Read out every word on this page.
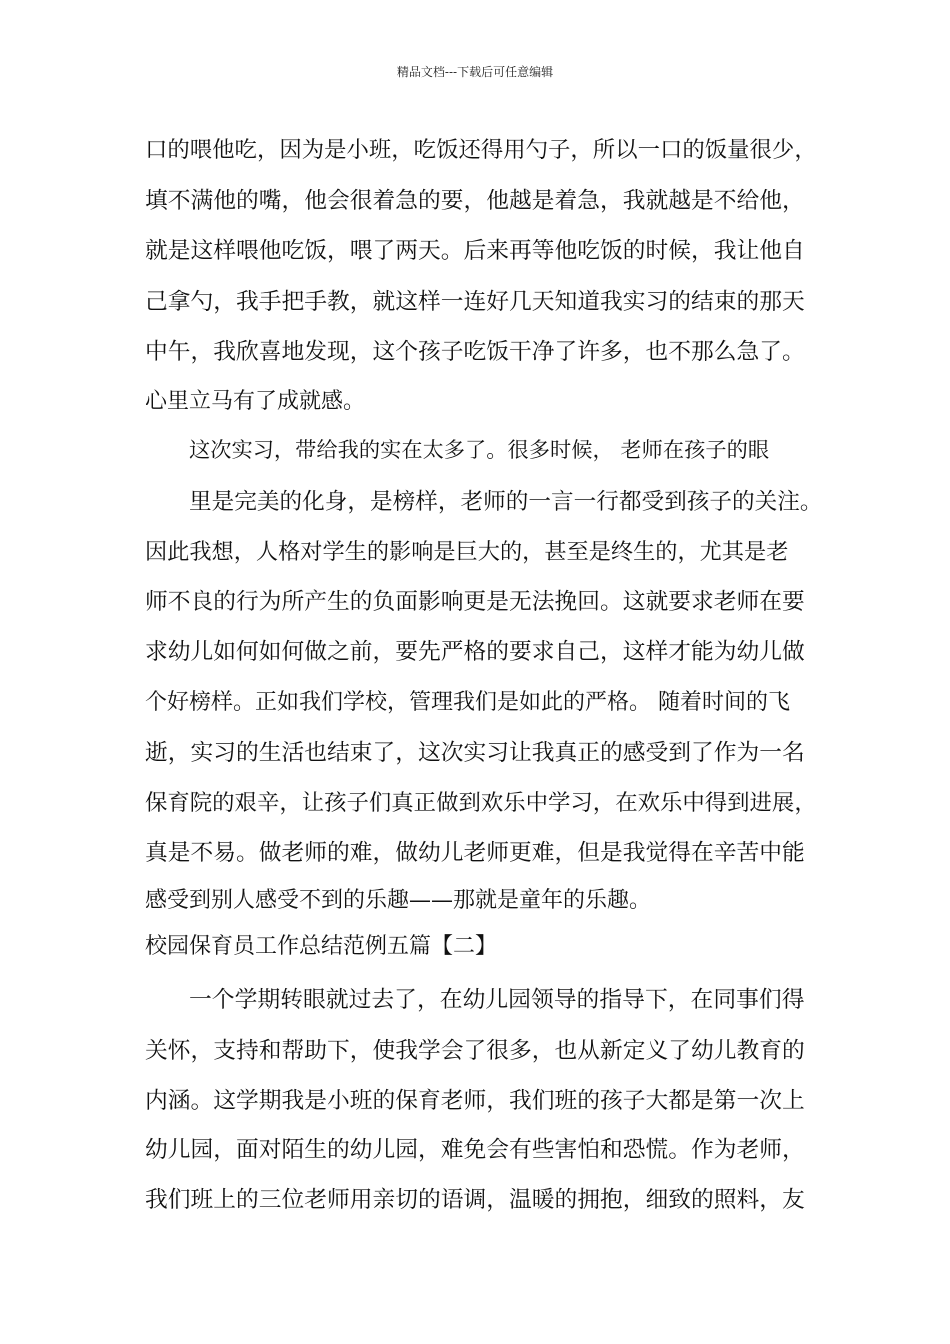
精品文档---下载后可任意编辑
口的喂他吃，因为是小班，吃饭还得用勺子，所以一口的饭量很少，
填不满他的嘴，他会很着急的要，他越是着急，我就越是不给他，
就是这样喂他吃饭，喂了两天。后来再等他吃饭的时候，我让他自
己拿勺，我手把手教，就这样一连好几天知道我实习的结束的那天
中午，我欣喜地发现，这个孩子吃饭干净了许多，也不那么急了。
心里立马有了成就感。
这次实习，带给我的实在太多了。很多时候， 老师在孩子的眼
里是完美的化身，是榜样，老师的一言一行都受到孩子的关注。
因此我想，人格对学生的影响是巨大的，甚至是终生的，尤其是老
师不良的行为所产生的负面影响更是无法挽回。这就要求老师在要
求幼儿如何如何做之前，要先严格的要求自己，这样才能为幼儿做
个好榜样。正如我们学校，管理我们是如此的严格。 随着时间的飞
逝，实习的生活也结束了，这次实习让我真正的感受到了作为一名
保育院的艰辛，让孩子们真正做到欢乐中学习，在欢乐中得到进展，
真是不易。做老师的难，做幼儿老师更难，但是我觉得在辛苦中能
感受到别人感受不到的乐趣——那就是童年的乐趣。
校园保育员工作总结范例五篇【二】
一个学期转眼就过去了，在幼儿园领导的指导下，在同事们得
关怀，支持和帮助下，使我学会了很多，也从新定义了幼儿教育的
内涵。这学期我是小班的保育老师，我们班的孩子大都是第一次上
幼儿园，面对陌生的幼儿园，难免会有些害怕和恐慌。作为老师，
我们班上的三位老师用亲切的语调，温暖的拥抱，细致的照料，友
